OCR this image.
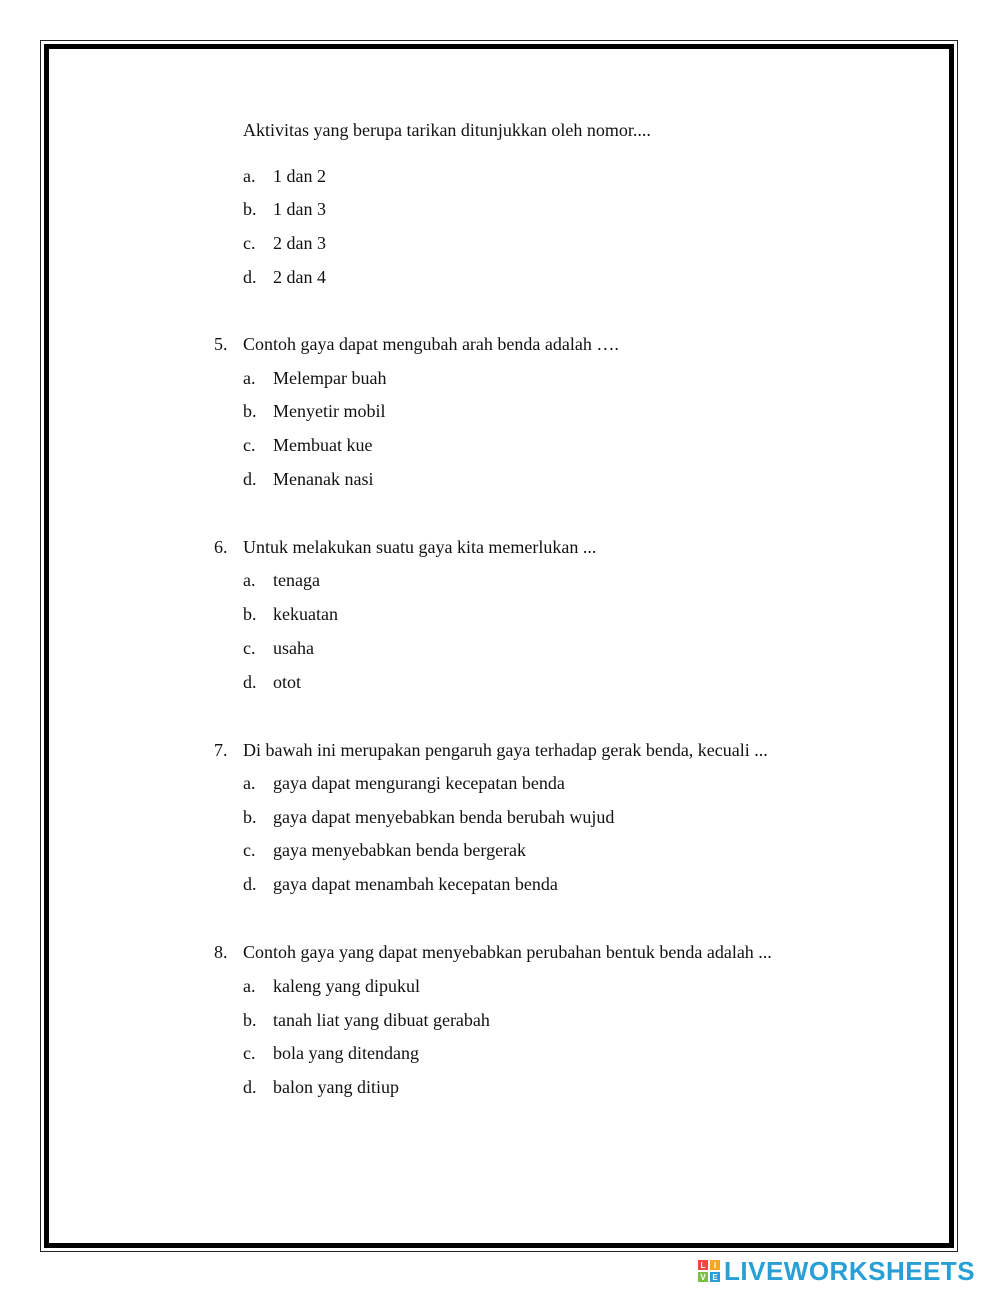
Aktivitas yang berupa tarikan ditunjukkan oleh nomor....
a. 1 dan 2
b. 1 dan 3
c. 2 dan 3
d. 2 dan 4
5. Contoh gaya dapat mengubah arah benda adalah ….
a. Melempar buah
b. Menyetir mobil
c. Membuat kue
d. Menanak nasi
6. Untuk melakukan suatu gaya kita memerlukan ...
a. tenaga
b. kekuatan
c. usaha
d. otot
7. Di bawah ini merupakan pengaruh gaya terhadap gerak benda, kecuali ...
a. gaya dapat mengurangi kecepatan benda
b. gaya dapat menyebabkan benda berubah wujud
c. gaya menyebabkan benda bergerak
d. gaya dapat menambah kecepatan benda
8. Contoh gaya yang dapat menyebabkan perubahan bentuk benda adalah ...
a. kaleng yang dipukul
b. tanah liat yang dibuat gerabah
c. bola yang ditendang
d. balon yang ditiup
L	I
V E LIVEWORKSHEETS
